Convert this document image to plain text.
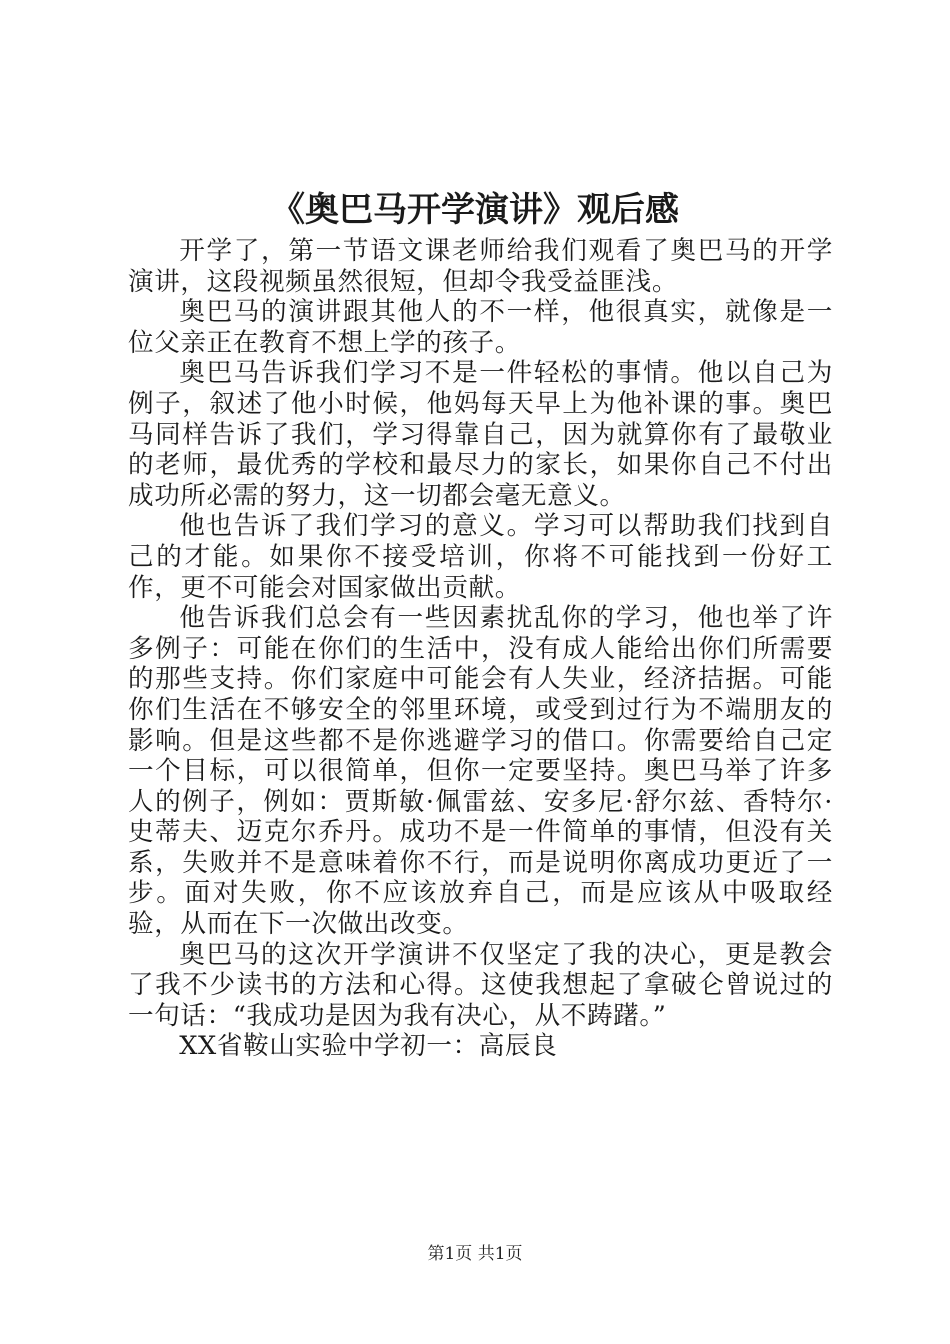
《奥巴马开学演讲》观后感

开学了，第一节语文课老师给我们观看了奥巴马的开学演讲，这段视频虽然很短，但却令我受益匪浅。

奥巴马的演讲跟其他人的不一样，他很真实，就像是一位父亲正在教育不想上学的孩子。

奥巴马告诉我们学习不是一件轻松的事情。他以自己为例子，叙述了他小时候，他妈每天早上为他补课的事。奥巴马同样告诉了我们，学习得靠自己，因为就算你有了最敬业的老师，最优秀的学校和最尽力的家长，如果你自己不付出成功所必需的努力，这一切都会毫无意义。

他也告诉了我们学习的意义。学习可以帮助我们找到自己的才能。如果你不接受培训，你将不可能找到一份好工作，更不可能会对国家做出贡献。

他告诉我们总会有一些因素扰乱你的学习，他也举了许多例子：可能在你们的生活中，没有成人能给出你们所需要的那些支持。你们家庭中可能会有人失业，经济拮据。可能你们生活在不够安全的邻里环境，或受到过行为不端朋友的影响。但是这些都不是你逃避学习的借口。你需要给自己定一个目标，可以很简单，但你一定要坚持。奥巴马举了许多人的例子，例如：贾斯敏·佩雷兹、安多尼·舒尔兹、香特尔·史蒂夫、迈克尔乔丹。成功不是一件简单的事情，但没有关系，失败并不是意味着你不行，而是说明你离成功更近了一步。面对失败，你不应该放弃自己，而是应该从中吸取经验，从而在下一次做出改变。

奥巴马的这次开学演讲不仅坚定了我的决心，更是教会了我不少读书的方法和心得。这使我想起了拿破仑曾说过的一句话：“我成功是因为我有决心，从不踌躇。”

XX省鞍山实验中学初一：高辰良

第1页 共1页
